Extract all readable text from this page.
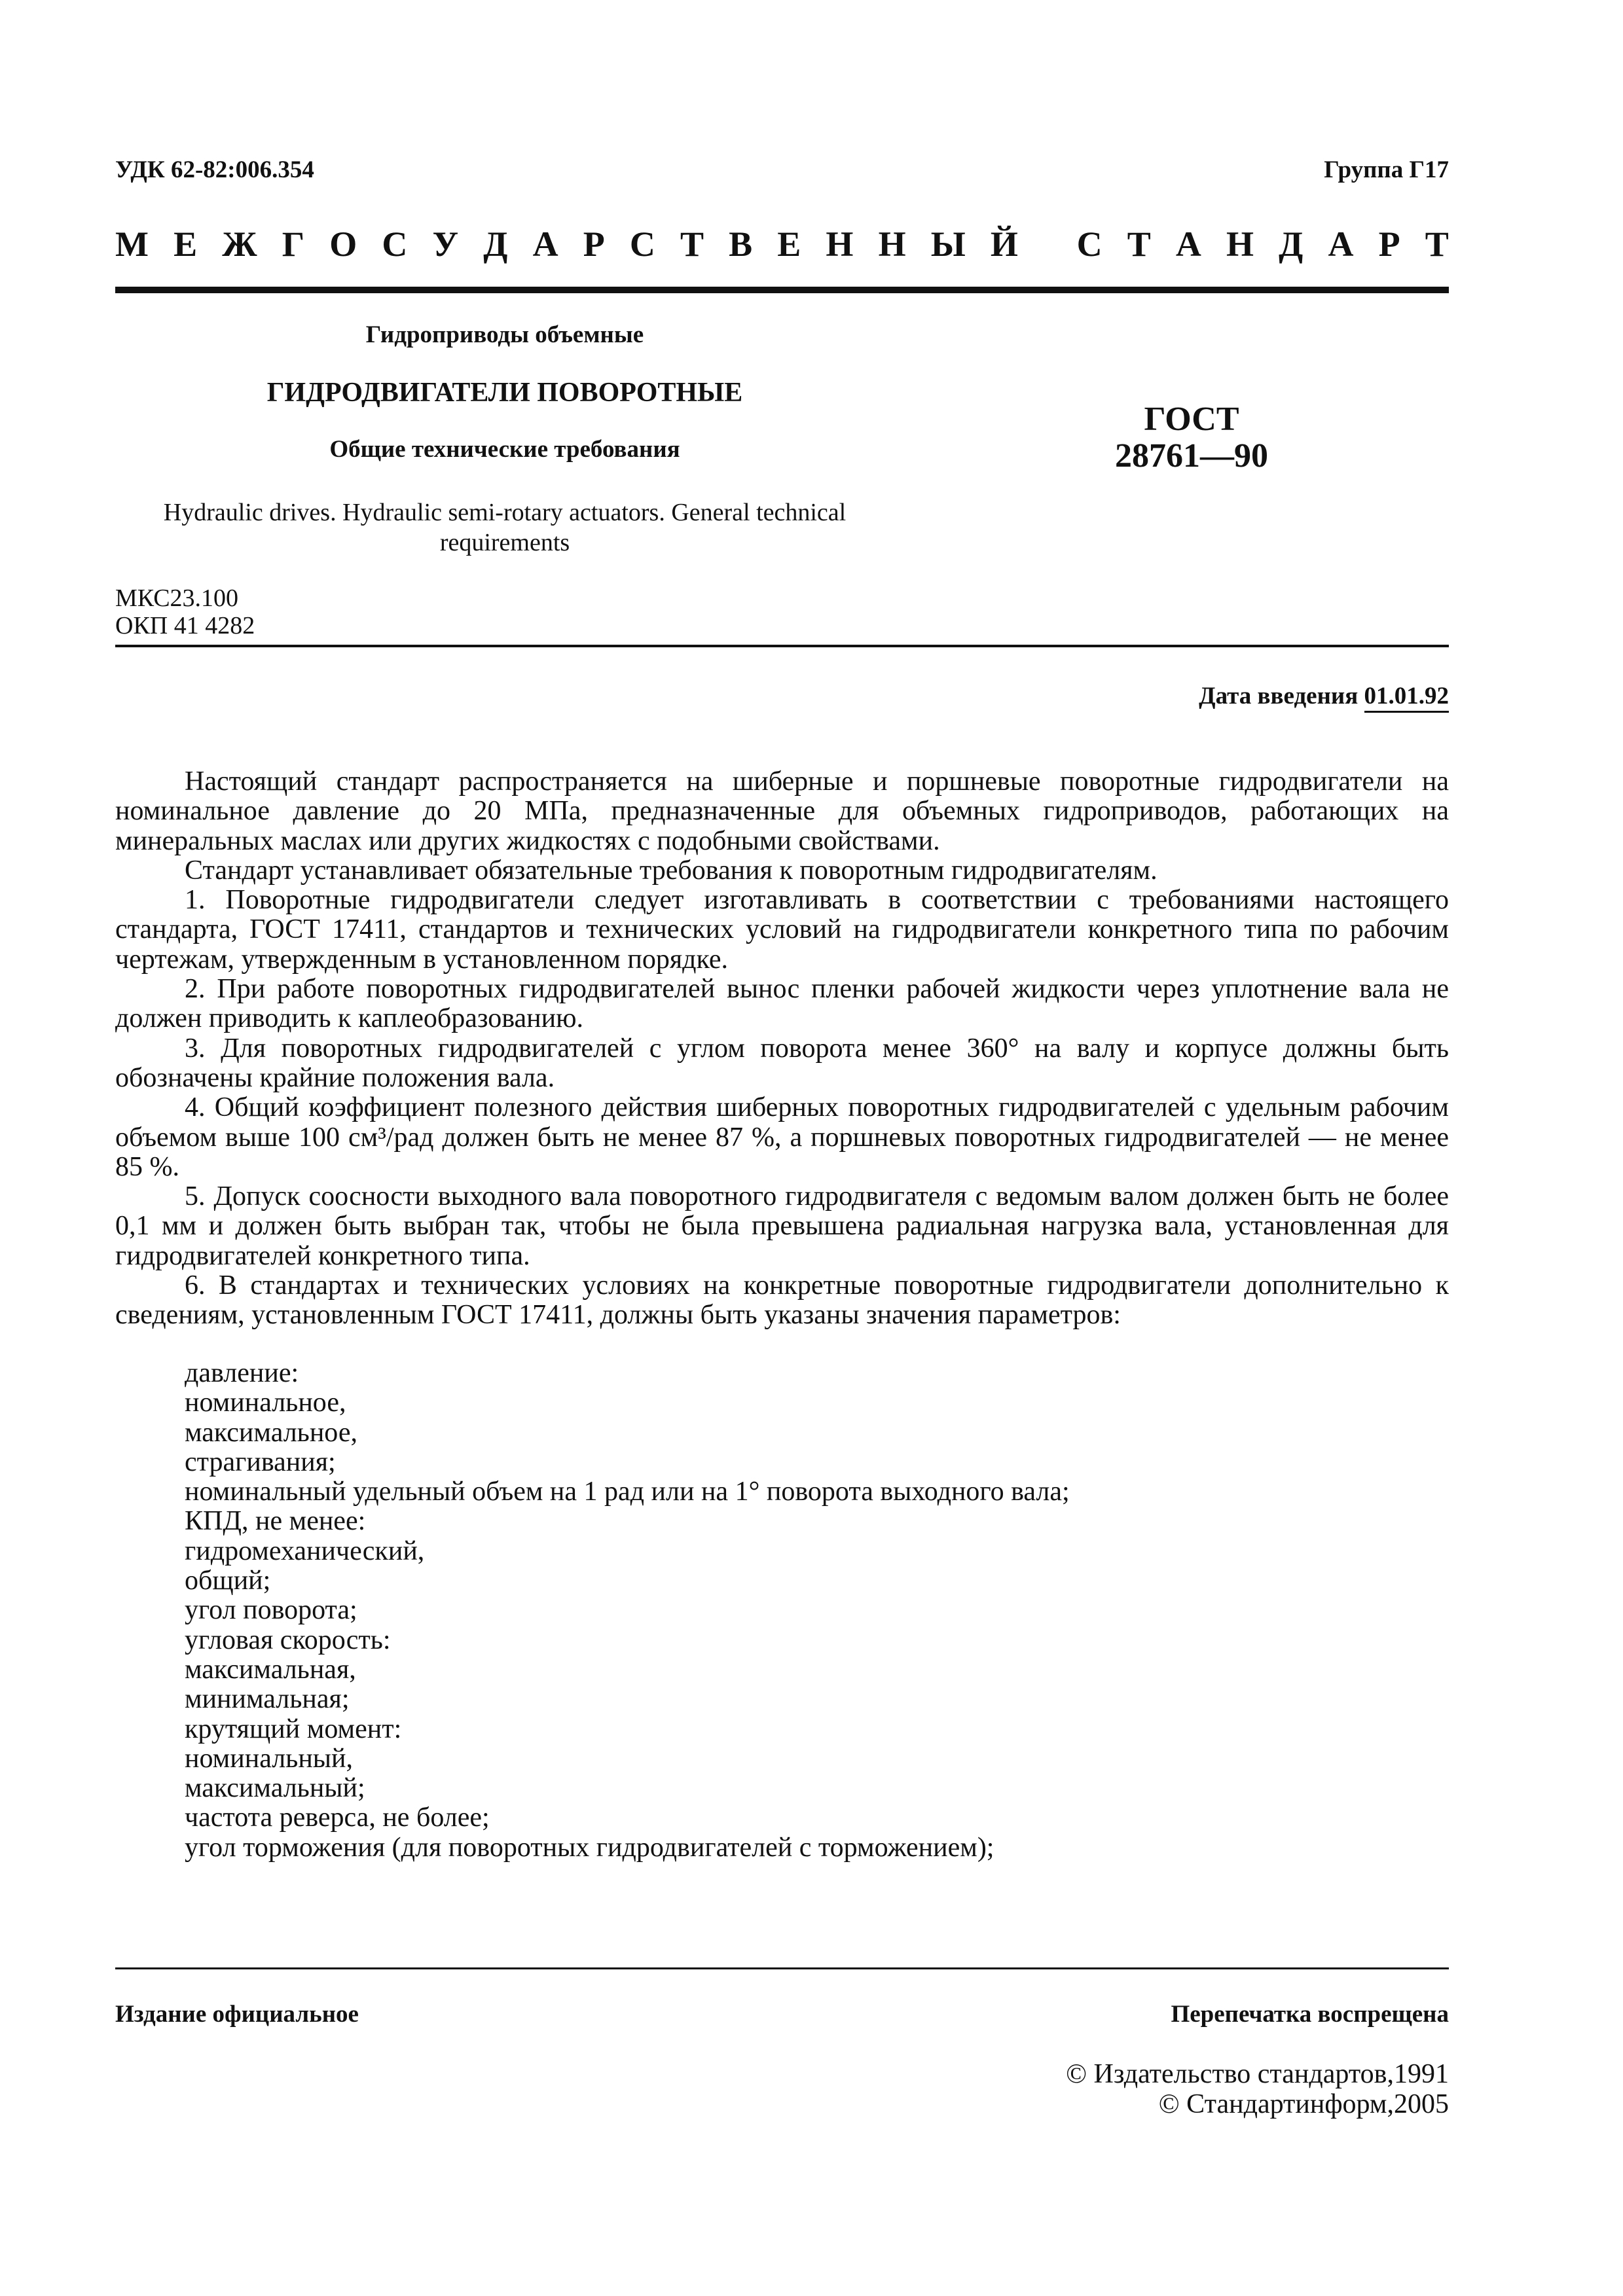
УДК 62-82:006.354	Группа Г17
М Е Ж Г О С У Д А Р С Т В Е Н Н Ы Й
С Т А Н Д А Р Т
Гидроприводы объемные
ГИДРОДВИГАТЕЛИ ПОВОРОТНЫЕ
Общие технические требования
ГОСТ
28761—90
Hydraulic drives. Hydraulic semi-rotary actuators. General technical
requirements
МКС23.100
ОКП 41 4282
Дата введения 01.01.92

Настоящий стандарт распространяется на шиберные и поршневые поворотные гидродвигатели на номинальное давление до 20 МПа, предназначенные для объемных гидроприводов, работающих на минеральных маслах или других жидкостях с подобными свойствами.

Стандарт устанавливает обязательные требования к поворотным гидродвигателям.

1. Поворотные гидродвигатели следует изготавливать в соответствии с требованиями настоящего стандарта, ГОСТ 17411, стандартов и технических условий на гидродвигатели конкретного типа по рабочим чертежам, утвержденным в установленном порядке.

2. При работе поворотных гидродвигателей вынос пленки рабочей жидкости через уплотнение вала не должен приводить к каплеобразованию.

3. Для поворотных гидродвигателей с углом поворота менее 360° на валу и корпусе должны быть обозначены крайние положения вала.

4. Общий коэффициент полезного действия шиберных поворотных гидродвигателей с удельным рабочим объемом выше 100 см³/рад должен быть не менее 87 %, а поршневых поворотных гидродвигателей — не менее 85 %.

5. Допуск соосности выходного вала поворотного гидродвигателя с ведомым валом должен быть не более 0,1 мм и должен быть выбран так, чтобы не была превышена радиальная нагрузка вала, установленная для гидродвигателей конкретного типа.

6. В стандартах и технических условиях на конкретные поворотные гидродвигатели дополнительно к сведениям, установленным ГОСТ 17411, должны быть указаны значения параметров:

давление:
номинальное,
максимальное,
страгивания;
номинальный удельный объем на 1 рад или на 1° поворота выходного вала;
КПД, не менее:
гидромеханический,
общий;
угол поворота;
угловая скорость:
максимальная,
минимальная;
крутящий момент:
номинальный,
максимальный;
частота реверса, не более;
угол торможения (для поворотных гидродвигателей с торможением);
Издание официальное	Перепечатка воспрещена
© Издательство стандартов,1991
© Стандартинформ,2005
